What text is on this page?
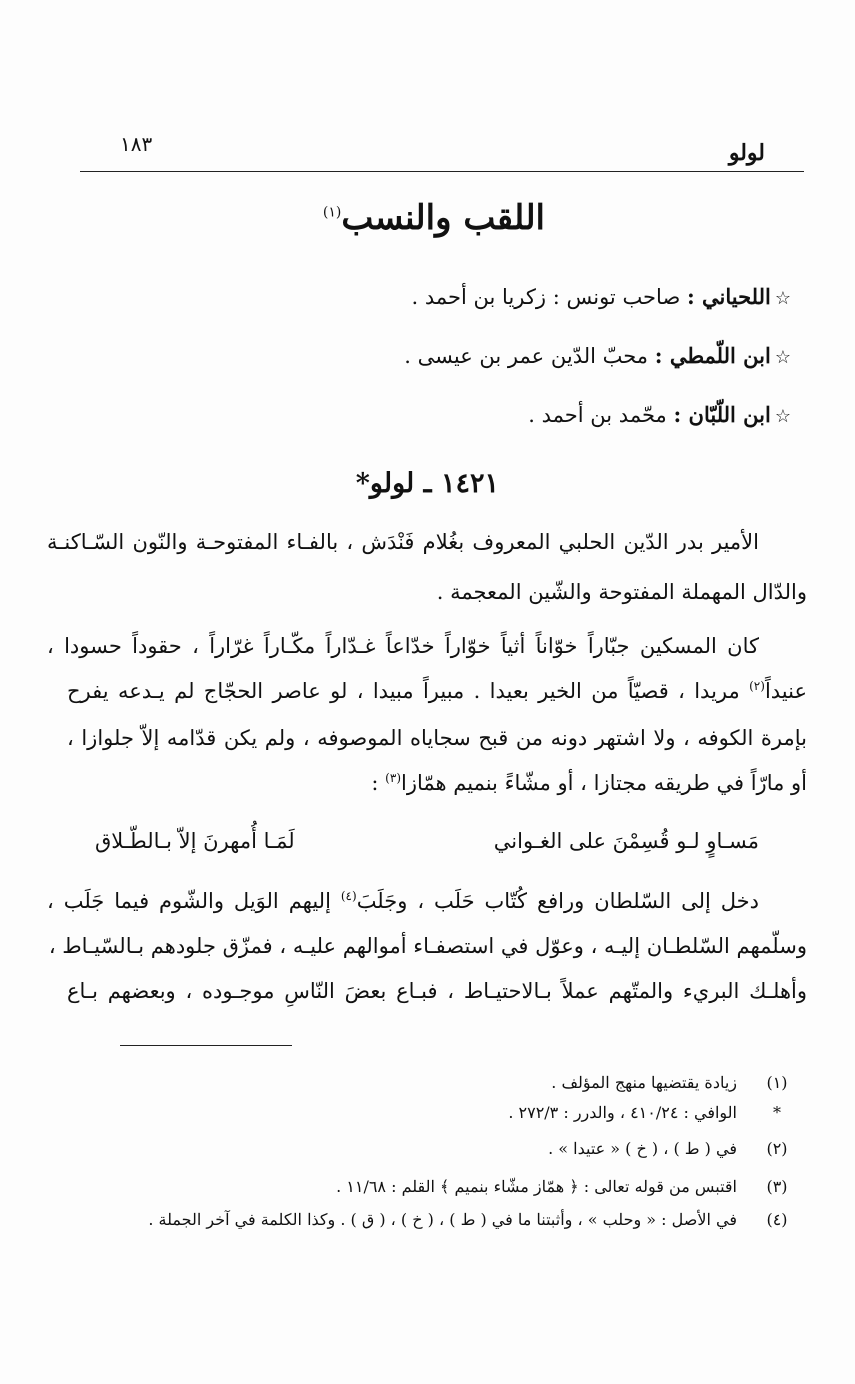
١٨٣	لولو
اللقب والنسب$^{(١)}$
☆اللحياني : صاحب تونس : زكريا بن أحمد .
☆ابن اللّمطي : محبّ الدّين عمر بن عيسى .
☆ابن اللّبّان : محّمد بن أحمد .
١٤٢١ ـ لولو*
الأمير بدر الدّين الحلبي المعروف بغُلام فَنْدَش ، بالفـاء المفتوحـة والنّون السّـاكنـة
والدّال المهملة المفتوحة والشّين المعجمة .
كان المسكين جبّاراً خوّاناً أثياً خوّاراً خدّاعاً غـدّاراً مكّـاراً غرّاراً ، حقوداً حسودا ،
عنيداً$^{(٢)}$ مريدا ، قصيّاً من الخير بعيدا . مبيراً مبيدا ، لو عاصر الحجّاج لم يـدعه يفرح
بإمرة الكوفه ، ولا اشتهر دونه من قبح سجاياه الموصوفه ، ولم يكن قدّامه إلاّ جلوازا ،
أو مارّاً في طريقه مجتازا ، أو مشّاءً بنميم همّازا$^{(٣)}$ :
مَسـاوٍ لـو قُسِمْنَ على الغـواني
لَمَـا أُمهرنَ إلاّ بـالطّـلاق
دخل إلى السّلطان ورافع كُتّاب حَلَب ، وجَلَبَ$^{(٤)}$ إليهم الوَيل والشّوم فيما جَلَب ،
وسلّمهم السّلطـان إليـه ، وعوّل في استصفـاء أموالهم عليـه ، فمزّق جلودهم بـالسّيـاط ،
وأهلـك البريء والمتّهم عملاً بـالاحتيـاط ، فبـاع بعضَ النّاسِ موجـوده ، وبعضهم بـاع
(١)زيادة يقتضيها منهج المؤلف .
*الوافي : ٤١٠/٢٤ ، والدرر : ٢٧٢/٣ .
(٢)في ( ط ) ، ( خ ) « عتيدا » .
(٣)اقتبس من قوله تعالى : ﴿ همّاز مشّاء بنميم ﴾ القلم : ١١/٦٨ .
(٤)في الأصل : « وحلب » ، وأثبتنا ما في ( ط ) ، ( خ ) ، ( ق ) . وكذا الكلمة في آخر الجملة .
